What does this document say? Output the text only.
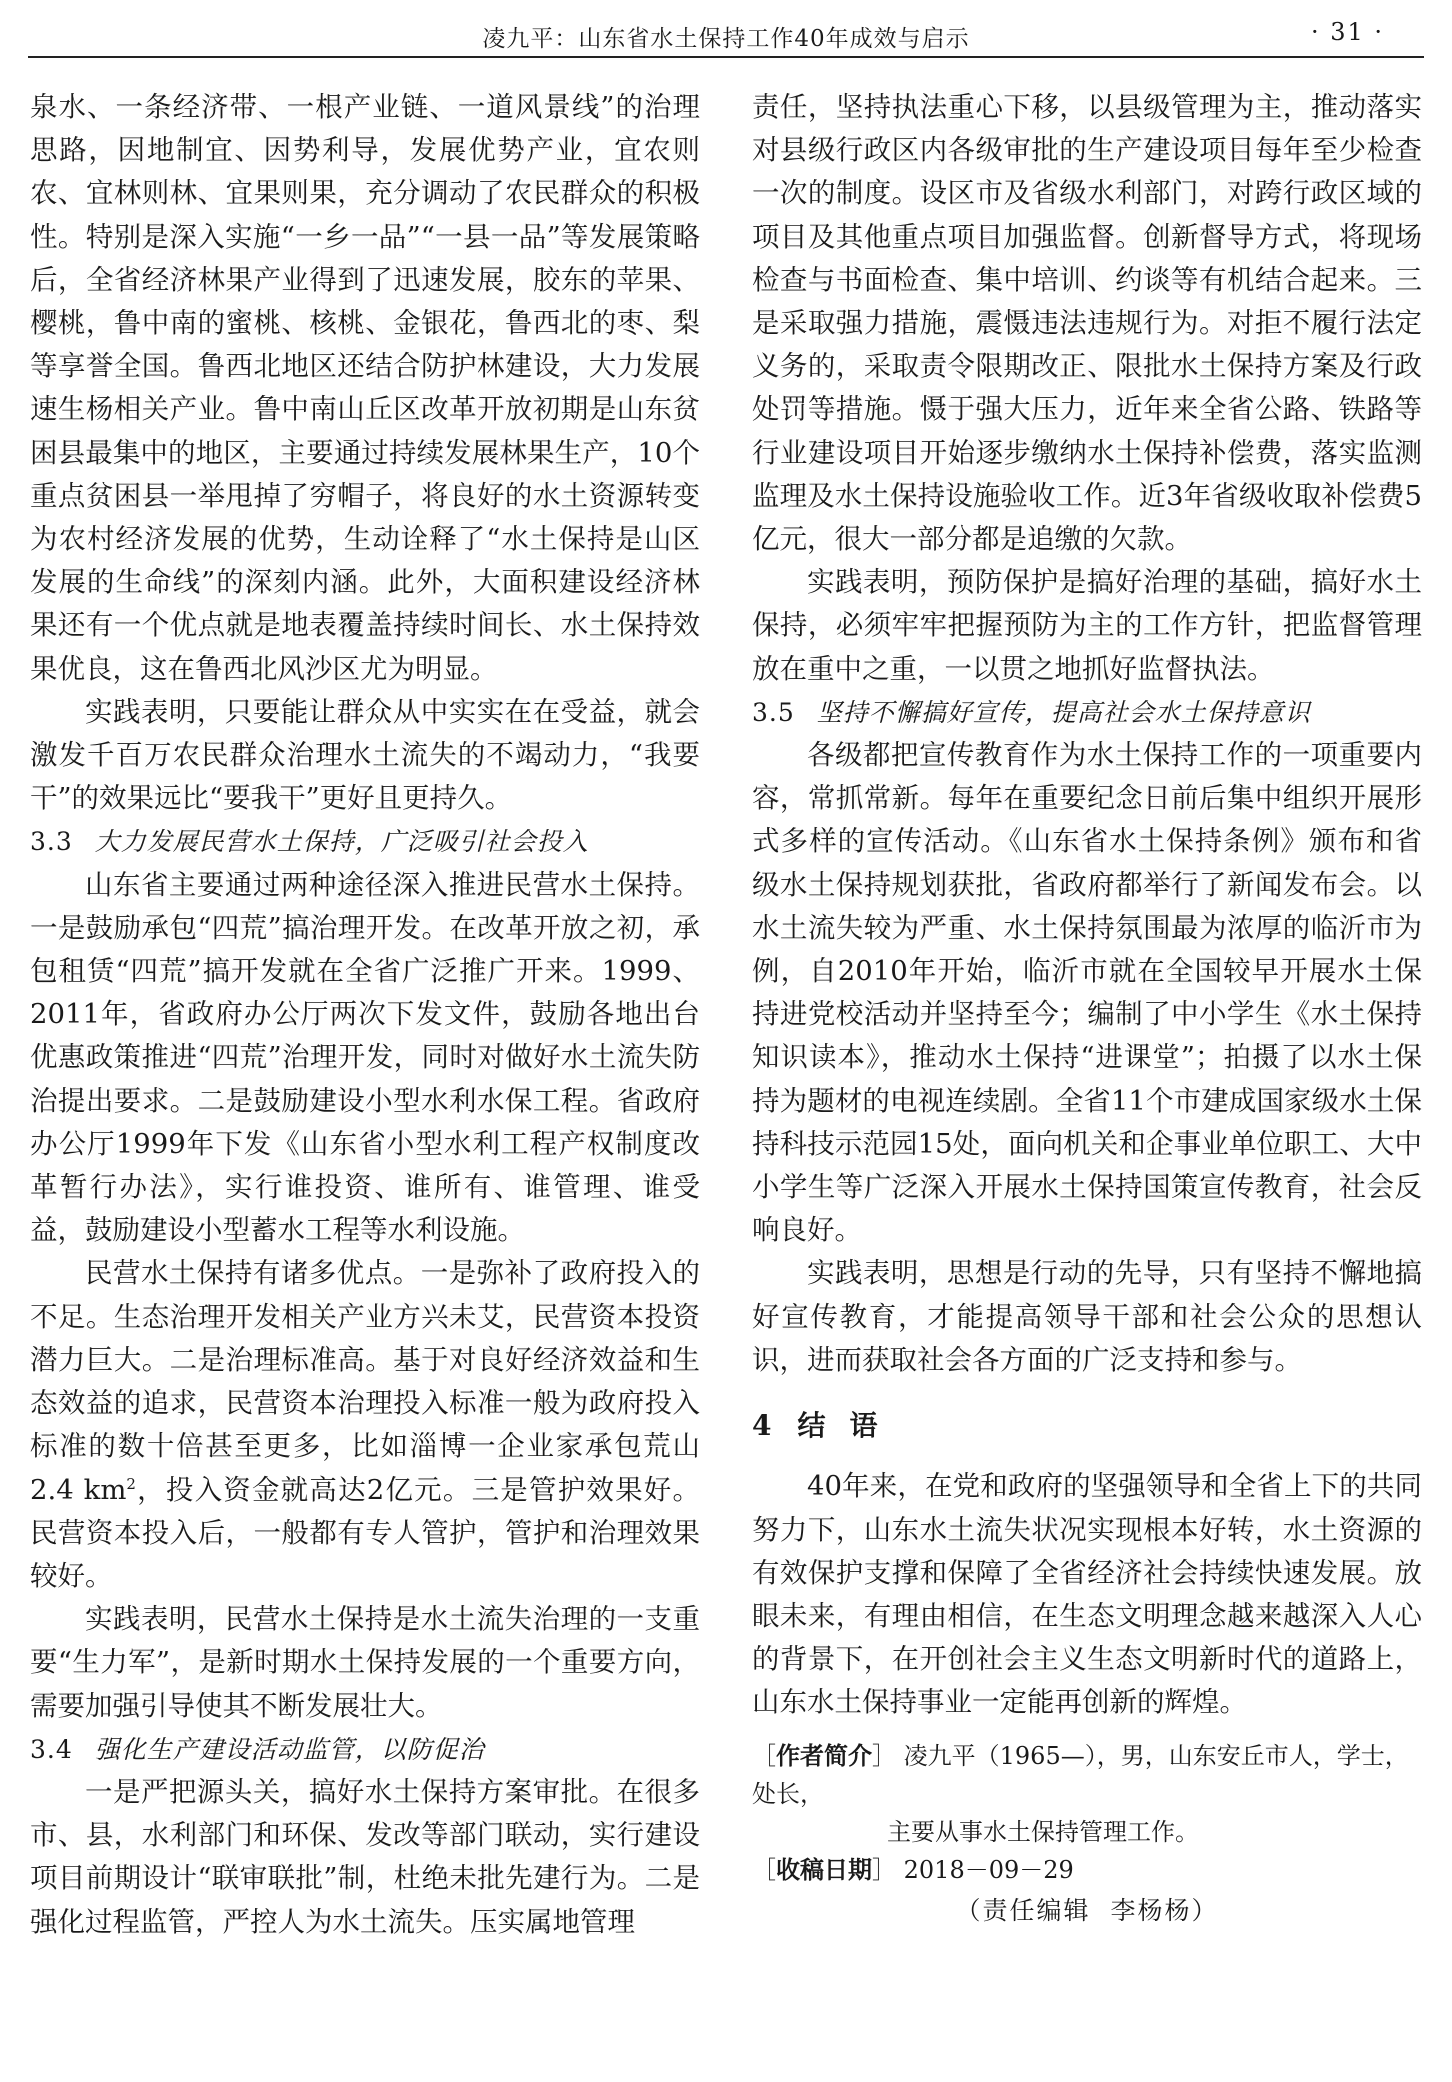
凌九平：山东省水土保持工作40年成效与启示	· 31 ·

泉水、一条经济带、一根产业链、一道风景线”的治理思路，因地制宜、因势利导，发展优势产业，宜农则农、宜林则林、宜果则果，充分调动了农民群众的积极性。特别是深入实施“一乡一品”“一县一品”等发展策略后，全省经济林果产业得到了迅速发展，胶东的苹果、樱桃，鲁中南的蜜桃、核桃、金银花，鲁西北的枣、梨等享誉全国。鲁西北地区还结合防护林建设，大力发展速生杨相关产业。鲁中南山丘区改革开放初期是山东贫困县最集中的地区，主要通过持续发展林果生产，10个重点贫困县一举甩掉了穷帽子，将良好的水土资源转变为农村经济发展的优势，生动诠释了“水土保持是山区发展的生命线”的深刻内涵。此外，大面积建设经济林果还有一个优点就是地表覆盖持续时间长、水土保持效果优良，这在鲁西北风沙区尤为明显。

实践表明，只要能让群众从中实实在在受益，就会激发千百万农民群众治理水土流失的不竭动力，“我要干”的效果远比“要我干”更好且更持久。

3.3 大力发展民营水土保持，广泛吸引社会投入

山东省主要通过两种途径深入推进民营水土保持。一是鼓励承包“四荒”搞治理开发。在改革开放之初，承包租赁“四荒”搞开发就在全省广泛推广开来。1999、2011年，省政府办公厅两次下发文件，鼓励各地出台优惠政策推进“四荒”治理开发，同时对做好水土流失防治提出要求。二是鼓励建设小型水利水保工程。省政府办公厅1999年下发《山东省小型水利工程产权制度改革暂行办法》，实行谁投资、谁所有、谁管理、谁受益，鼓励建设小型蓄水工程等水利设施。

民营水土保持有诸多优点。一是弥补了政府投入的不足。生态治理开发相关产业方兴未艾，民营资本投资潜力巨大。二是治理标准高。基于对良好经济效益和生态效益的追求，民营资本治理投入标准一般为政府投入标准的数十倍甚至更多，比如淄博一企业家承包荒山2.4 $km^2$，投入资金就高达2亿元。三是管护效果好。民营资本投入后，一般都有专人管护，管护和治理效果较好。

实践表明，民营水土保持是水土流失治理的一支重要“生力军”，是新时期水土保持发展的一个重要方向，需要加强引导使其不断发展壮大。

3.4 强化生产建设活动监管，以防促治

一是严把源头关，搞好水土保持方案审批。在很多市、县，水利部门和环保、发改等部门联动，实行建设项目前期设计“联审联批”制，杜绝未批先建行为。二是强化过程监管，严控人为水土流失。压实属地管理

责任，坚持执法重心下移，以县级管理为主，推动落实对县级行政区内各级审批的生产建设项目每年至少检查一次的制度。设区市及省级水利部门，对跨行政区域的项目及其他重点项目加强监督。创新督导方式，将现场检查与书面检查、集中培训、约谈等有机结合起来。三是采取强力措施，震慑违法违规行为。对拒不履行法定义务的，采取责令限期改正、限批水土保持方案及行政处罚等措施。慑于强大压力，近年来全省公路、铁路等行业建设项目开始逐步缴纳水土保持补偿费，落实监测监理及水土保持设施验收工作。近3年省级收取补偿费5亿元，很大一部分都是追缴的欠款。

实践表明，预防保护是搞好治理的基础，搞好水土保持，必须牢牢把握预防为主的工作方针，把监督管理放在重中之重，一以贯之地抓好监督执法。

3.5 坚持不懈搞好宣传，提高社会水土保持意识

各级都把宣传教育作为水土保持工作的一项重要内容，常抓常新。每年在重要纪念日前后集中组织开展形式多样的宣传活动。《山东省水土保持条例》颁布和省级水土保持规划获批，省政府都举行了新闻发布会。以水土流失较为严重、水土保持氛围最为浓厚的临沂市为例，自2010年开始，临沂市就在全国较早开展水土保持进党校活动并坚持至今；编制了中小学生《水土保持知识读本》，推动水土保持“进课堂”；拍摄了以水土保持为题材的电视连续剧。全省11个市建成国家级水土保持科技示范园15处，面向机关和企事业单位职工、大中小学生等广泛深入开展水土保持国策宣传教育，社会反响良好。

实践表明，思想是行动的先导，只有坚持不懈地搞好宣传教育，才能提高领导干部和社会公众的思想认识，进而获取社会各方面的广泛支持和参与。

4 结 语

40年来，在党和政府的坚强领导和全省上下的共同努力下，山东水土流失状况实现根本好转，水土资源的有效保护支撑和保障了全省经济社会持续快速发展。放眼未来，有理由相信，在生态文明理念越来越深入人心的背景下，在开创社会主义生态文明新时代的道路上，山东水土保持事业一定能再创新的辉煌。

［作者简介］ 凌九平（1965—），男，山东安丘市人，学士，处长，
主要从事水土保持管理工作。
［收稿日期］ 2018－09－29
（责任编辑 李杨杨）
